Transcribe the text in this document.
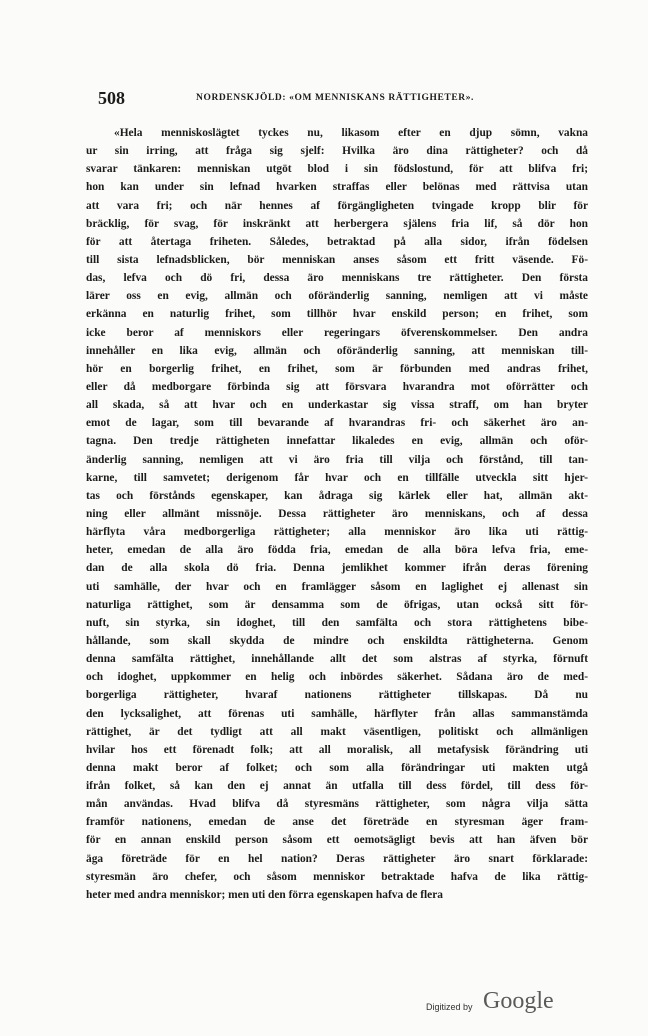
508	NORDENSKJÖLD: «OM MENNISKANS RÄTTIGHETER».
«Hela menniskoslägtet tyckes nu, likasom efter en djup sömn, vakna
ur sin irring, att fråga sig sjelf: Hvilka äro dina rättigheter? och då
svarar tänkaren: menniskan utgöt blod i sin födslostund, för att blifva fri;
hon kan under sin lefnad hvarken straffas eller belönas med rättvisa utan
att vara fri; och när hennes af förgängligheten tvingade kropp blir för
bräcklig, för svag, för inskränkt att herbergera själens fria lif, så dör hon
för att återtaga friheten. Således, betraktad på alla sidor, ifrån födelsen
till sista lefnadsblicken, bör menniskan anses såsom ett fritt väsende. Fö-
das, lefva och dö fri, dessa äro menniskans tre rättigheter. Den första
lärer oss en evig, allmän och oföränderlig sanning, nemligen att vi måste
erkänna en naturlig frihet, som tillhör hvar enskild person; en frihet, som
icke beror af menniskors eller regeringars öfverenskommelser. Den andra
innehåller en lika evig, allmän och oföränderlig sanning, att menniskan till-
hör en borgerlig frihet, en frihet, som är förbunden med andras frihet,
eller då medborgare förbinda sig att försvara hvarandra mot oförrätter och
all skada, så att hvar och en underkastar sig vissa straff, om han bryter
emot de lagar, som till bevarande af hvarandras fri- och säkerhet äro an-
tagna. Den tredje rättigheten innefattar likaledes en evig, allmän och oför-
änderlig sanning, nemligen att vi äro fria till vilja och förstånd, till tan-
karne, till samvetet; derigenom får hvar och en tillfälle utveckla sitt hjer-
tas och förstånds egenskaper, kan ådraga sig kärlek eller hat, allmän akt-
ning eller allmänt missnöje. Dessa rättigheter äro menniskans, och af dessa
härflyta våra medborgerliga rättigheter; alla menniskor äro lika uti rättig-
heter, emedan de alla äro födda fria, emedan de alla böra lefva fria, eme-
dan de alla skola dö fria. Denna jemlikhet kommer ifrån deras förening
uti samhälle, der hvar och en framlägger såsom en laglighet ej allenast sin
naturliga rättighet, som är densamma som de öfrigas, utan också sitt för-
nuft, sin styrka, sin idoghet, till den samfälta och stora rättighetens bibe-
hållande, som skall skydda de mindre och enskildta rättigheterna. Genom
denna samfälta rättighet, innehållande allt det som alstras af styrka, förnuft
och idoghet, uppkommer en helig och inbördes säkerhet. Sådana äro de med-
borgerliga rättigheter, hvaraf nationens rättigheter tillskapas. Då nu
den lycksalighet, att förenas uti samhälle, härflyter från allas sammanstämda
rättighet, är det tydligt att all makt väsentligen, politiskt och allmänligen
hvilar hos ett förenadt folk; att all moralisk, all metafysisk förändring uti
denna makt beror af folket; och som alla förändringar uti makten utgå
ifrån folket, så kan den ej annat än utfalla till dess fördel, till dess för-
mån användas. Hvad blifva då styresmäns rättigheter, som några vilja sätta
framför nationens, emedan de anse det företräde en styresman äger fram-
för en annan enskild person såsom ett oemotsägligt bevis att han äfven bör
äga företräde för en hel nation? Deras rättigheter äro snart förklarade:
styresmän äro chefer, och såsom menniskor betraktade hafva de lika rättig-
heter med andra menniskor; men uti den förra egenskapen hafva de flera
Digitized by Google
